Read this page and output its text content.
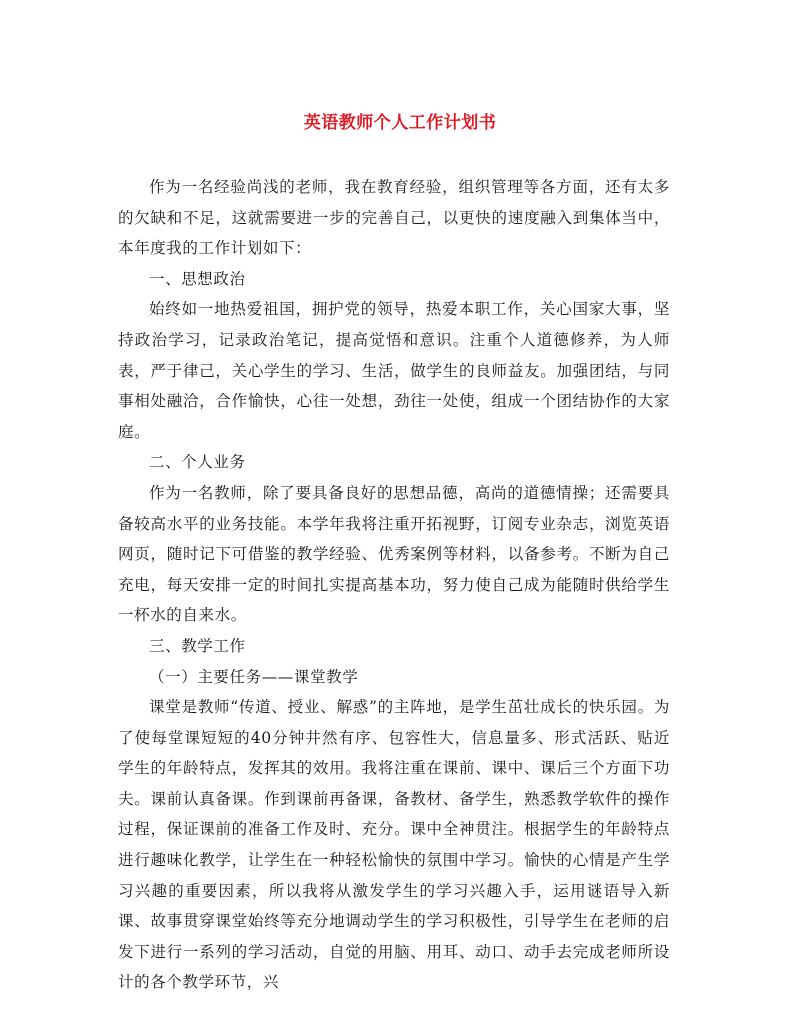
英语教师个人工作计划书

作为一名经验尚浅的老师，我在教育经验，组织管理等各方面，还有太多的欠缺和不足，这就需要进一步的完善自己，以更快的速度融入到集体当中，本年度我的工作计划如下：

一、思想政治

始终如一地热爱祖国，拥护党的领导，热爱本职工作，关心国家大事，坚持政治学习，记录政治笔记，提高觉悟和意识。注重个人道德修养，为人师表，严于律己，关心学生的学习、生活，做学生的良师益友。加强团结，与同事相处融洽，合作愉快，心往一处想，劲往一处使，组成一个团结协作的大家庭。

二、个人业务

作为一名教师，除了要具备良好的思想品德，高尚的道德情操；还需要具备较高水平的业务技能。本学年我将注重开拓视野，订阅专业杂志，浏览英语网页，随时记下可借鉴的教学经验、优秀案例等材料，以备参考。不断为自己充电，每天安排一定的时间扎实提高基本功，努力使自己成为能随时供给学生一杯水的自来水。

三、教学工作

（一）主要任务——课堂教学

课堂是教师“传道、授业、解惑”的主阵地，是学生茁壮成长的快乐园。为了使每堂课短短的40分钟井然有序、包容性大，信息量多、形式活跃、贴近学生的年龄特点，发挥其的效用。我将注重在课前、课中、课后三个方面下功夫。课前认真备课。作到课前再备课，备教材、备学生，熟悉教学软件的操作过程，保证课前的准备工作及时、充分。课中全神贯注。根据学生的年龄特点进行趣味化教学，让学生在一种轻松愉快的氛围中学习。愉快的心情是产生学习兴趣的重要因素，所以我将从激发学生的学习兴趣入手，运用谜语导入新课、故事贯穿课堂始终等充分地调动学生的学习积极性，引导学生在老师的启发下进行一系列的学习活动，自觉的用脑、用耳、动口、动手去完成老师所设计的各个教学环节，兴
